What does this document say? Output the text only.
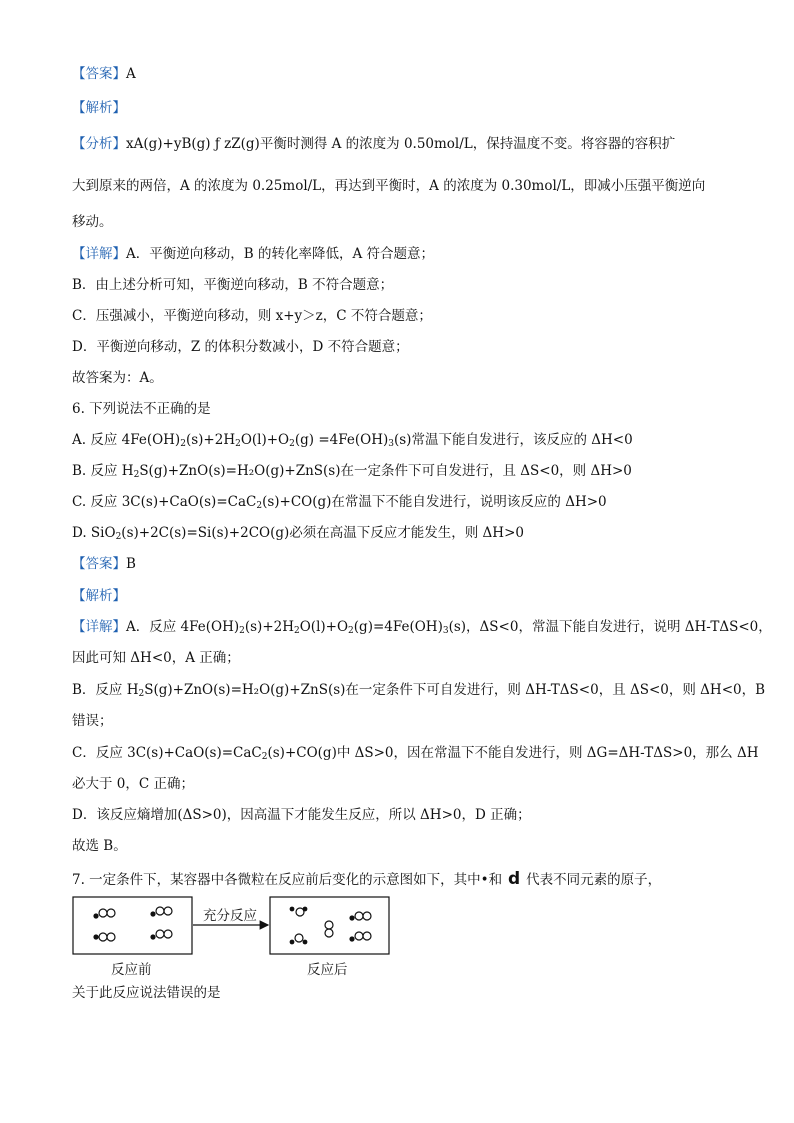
【答案】A
【解析】
【分析】xA(g)+yB(g) ƒ zZ(g)平衡时测得 A 的浓度为 0.50mol/L，保持温度不变。将容器的容积扩
大到原来的两倍，A 的浓度为 0.25mol/L，再达到平衡时，A 的浓度为 0.30mol/L，即减小压强平衡逆向
移动。
【详解】A．平衡逆向移动，B 的转化率降低，A 符合题意；
B．由上述分析可知，平衡逆向移动，B 不符合题意；
C．压强减小，平衡逆向移动，则 x+y＞z，C 不符合题意；
D．平衡逆向移动，Z 的体积分数减小，D 不符合题意；
故答案为：A。
6. 下列说法不正确的是
A. 反应 $4Fe(OH)_2(s)+2H_2O(l)+O_2(g) =4Fe(OH)_3(s)$常温下能自发进行，该反应的 ΔH<0
B. 反应 $H_2S(g)+ZnO(s)=H_2O(g)+ZnS(s)$在一定条件下可自发进行，且 ΔS<0，则 ΔH>0
C. 反应 3C(s)+CaO(s)=CaC$_2$(s)+CO(g)在常温下不能自发进行，说明该反应的 ΔH>0
D. SiO$_2$(s)+2C(s)=Si(s)+2CO(g)必须在高温下反应才能发生，则 ΔH>0
【答案】B
【解析】
【详解】A．反应 $4Fe(OH)_2(s)+2H_2O(l)+O_2(g)=4Fe(OH)_3(s)$，ΔS<0，常温下能自发进行，说明 ΔH-TΔS<0，
因此可知 ΔH<0，A 正确；
B．反应 $H_2S(g)+ZnO(s)=H_2O(g)+ZnS(s)$在一定条件下可自发进行，则 ΔH-TΔS<0，且 ΔS<0，则 ΔH<0，B
错误；
C．反应 3C(s)+CaO(s)=CaC$_2$(s)+CO(g)中 ΔS>0，因在常温下不能自发进行，则 ΔG=ΔH-TΔS>0，那么 ΔH
必大于 0，C 正确；
D．该反应熵增加(ΔS>0)，因高温下才能发生反应，所以 ΔH>0，D 正确；
故选 B。
7. 一定条件下，某容器中各微粒在反应前后变化的示意图如下，其中•和 d 代表不同元素的原子，
充分反应
反应前	反应后
关于此反应说法错误的是
